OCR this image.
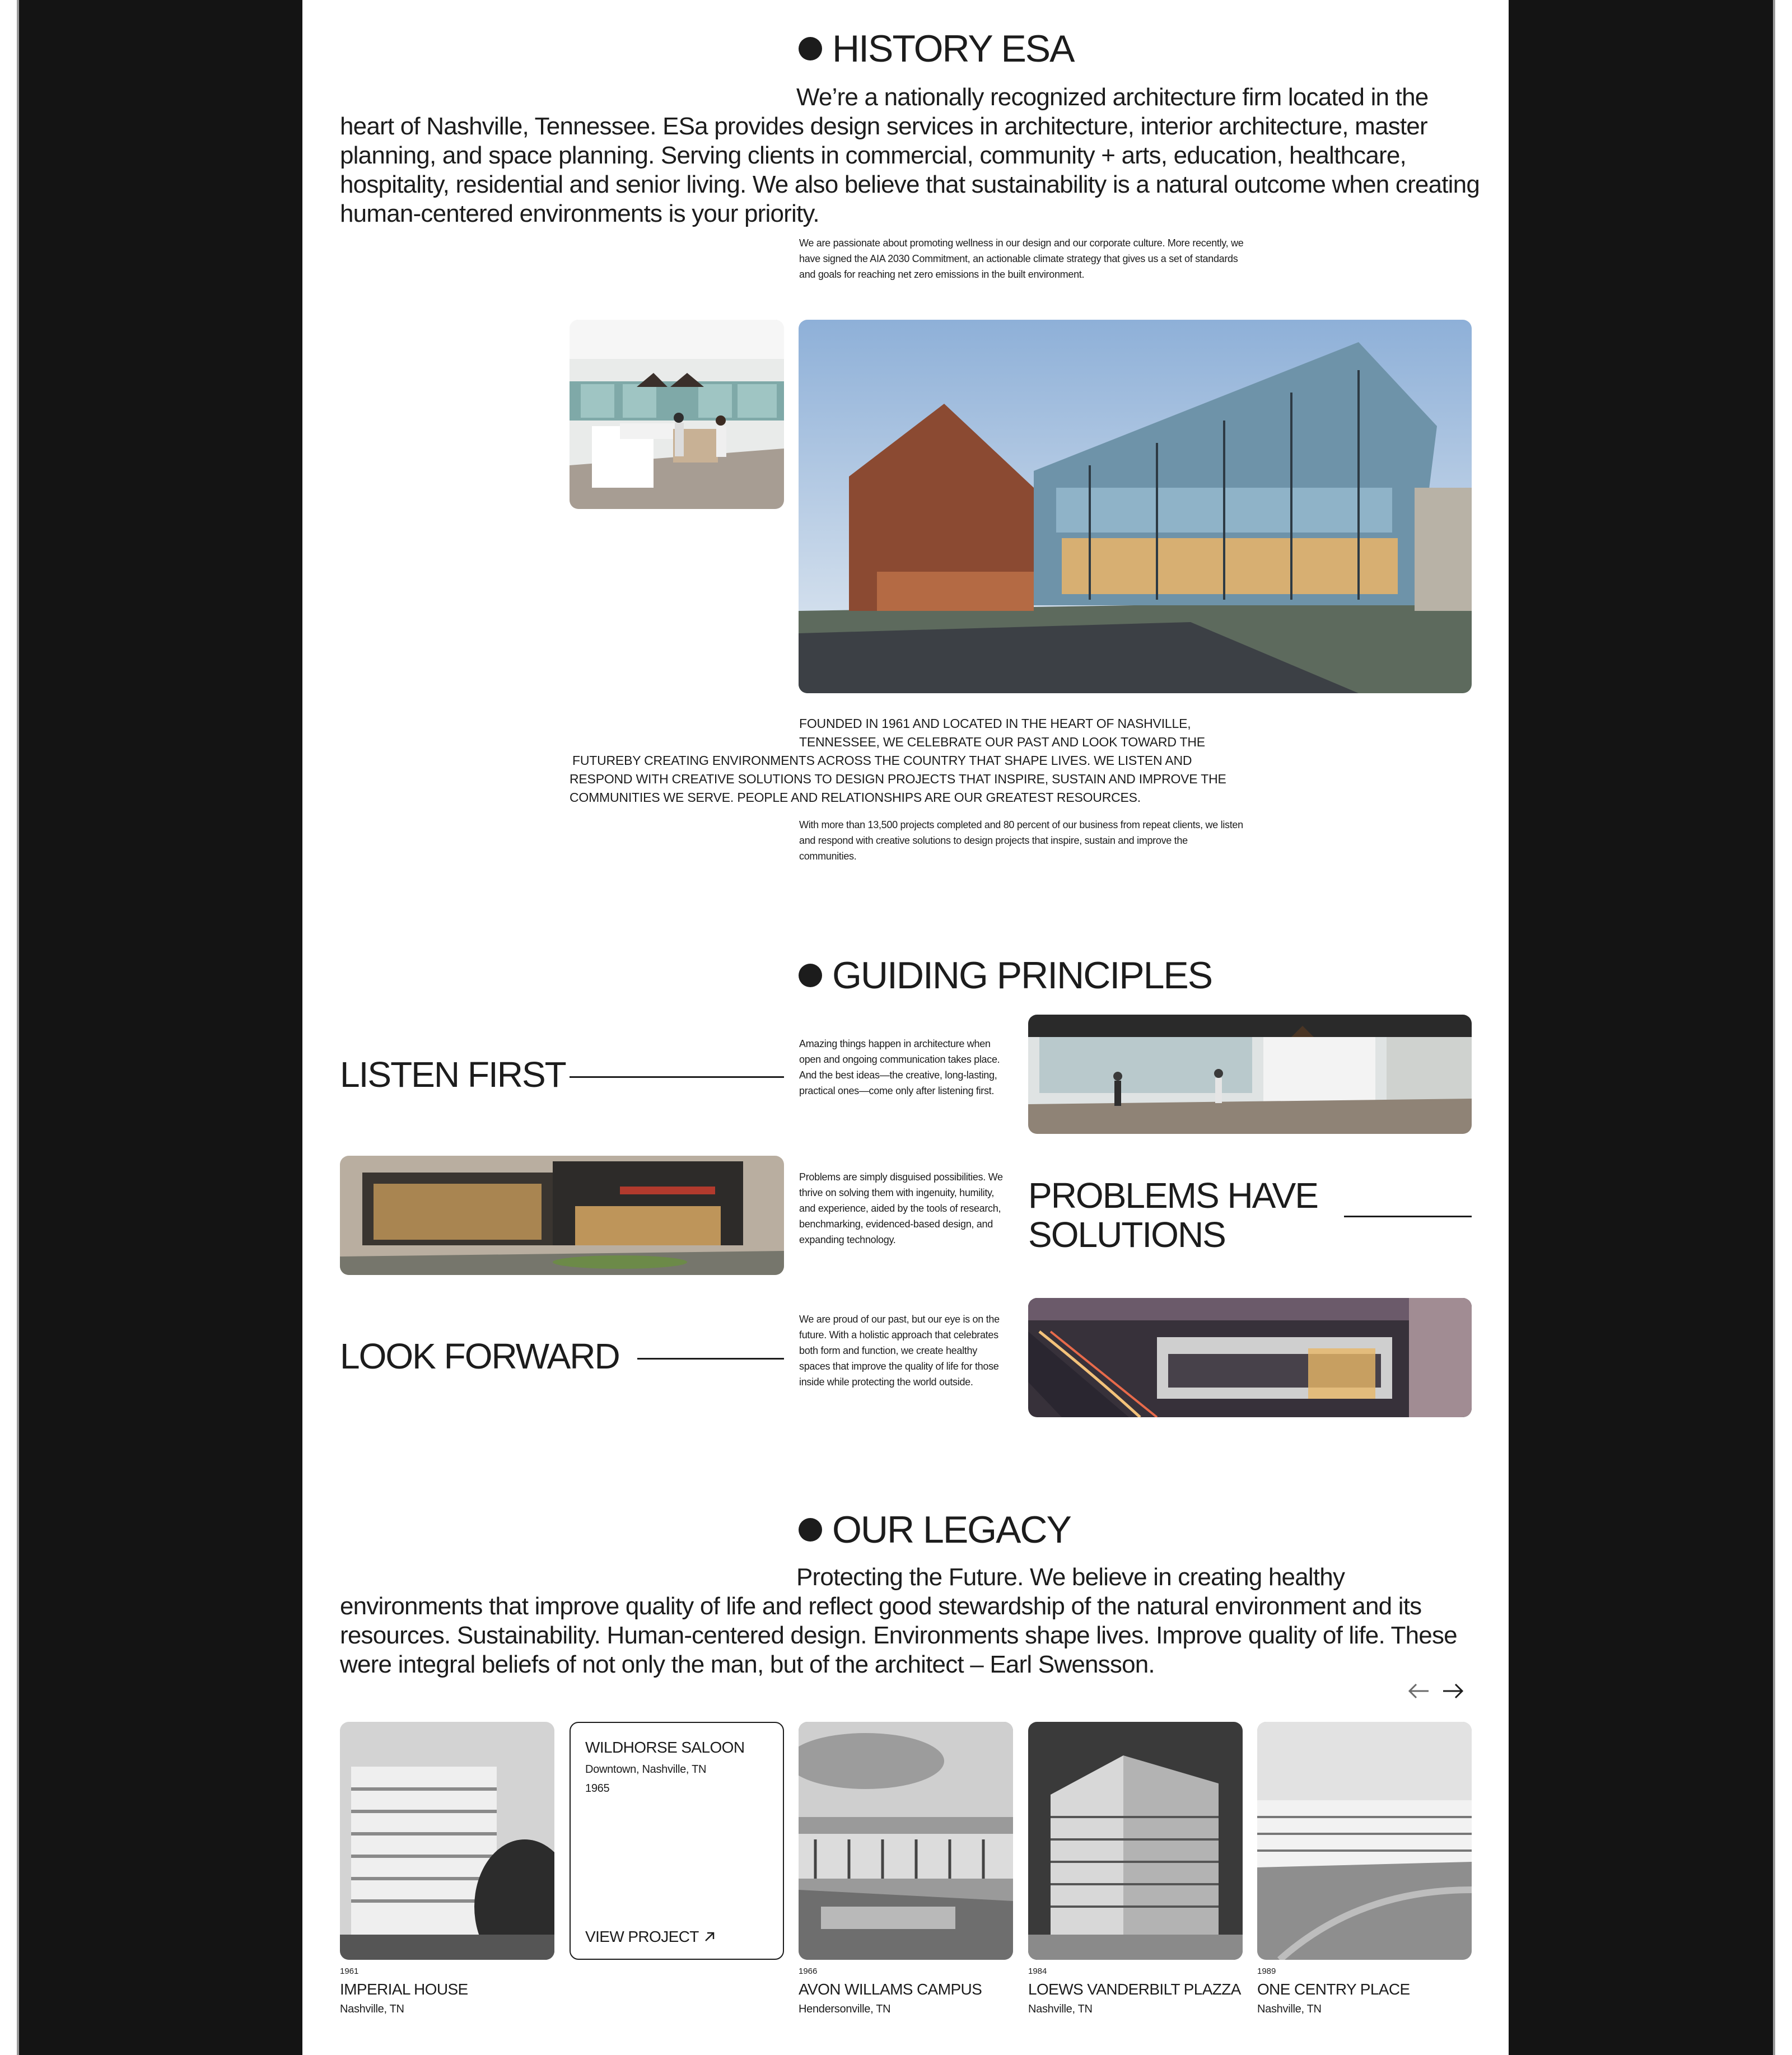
HISTORY ESA

We’re a nationally recognized architecture firm located in the heart of Nashville, Tennessee. ESa provides design services in architecture, interior architecture, master planning, and space planning. Serving clients in commercial, community + arts, education, healthcare, hospitality, residential and senior living. We also believe that sustainability is a natural outcome when creating human-centered environments is your priority.

We are passionate about promoting wellness in our design and our corporate culture. More recently, we have signed the AIA 2030 Commitment, an actionable climate strategy that gives us a set of standards and goals for reaching net zero emissions in the built environment.

FOUNDED IN 1961 AND LOCATED IN THE HEART OF NASHVILLE,

TENNESSEE, WE CELEBRATE OUR PAST AND LOOK TOWARD THE

FUTUREBY CREATING ENVIRONMENTS ACROSS THE COUNTRY THAT SHAPE LIVES. WE LISTEN AND RESPOND WITH CREATIVE SOLUTIONS TO DESIGN PROJECTS THAT INSPIRE, SUSTAIN AND IMPROVE THE COMMUNITIES WE SERVE. PEOPLE AND RELATIONSHIPS ARE OUR GREATEST RESOURCES.

With more than 13,500 projects completed and 80 percent of our business from repeat clients, we listen and respond with creative solutions to design projects that inspire, sustain and improve the communities.

GUIDING PRINCIPLES
LISTEN FIRST

Amazing things happen in architecture when open and ongoing communication takes place. And the best ideas—the creative, long-lasting, practical ones—come only after listening first.

Problems are simply disguised possibilities. We thrive on solving them with ingenuity, humility, and experience, aided by the tools of research, benchmarking, evidenced-based design, and expanding technology.

PROBLEMS HAVE SOLUTIONS
LOOK FORWARD

We are proud of our past, but our eye is on the future. With a holistic approach that celebrates both form and function, we create healthy spaces that improve the quality of life for those inside while protecting the world outside.

OUR LEGACY

Protecting the Future. We believe in creating healthy environments that improve quality of life and reflect good stewardship of the natural environment and its resources. Sustainability. Human-centered design. Environments shape lives. Improve quality of life. These were integral beliefs of not only the man, but of the architect – Earl Swensson.

1961
IMPERIAL HOUSE
Nashville, TN
WILDHORSE SALOON
Downtown, Nashville, TN
1965
VIEW PROJECT
1966
AVON WILLAMS CAMPUS
Hendersonville, TN
1984
LOEWS VANDERBILT PLAZZA
Nashville, TN
1989
ONE CENTRY PLACE
Nashville, TN
